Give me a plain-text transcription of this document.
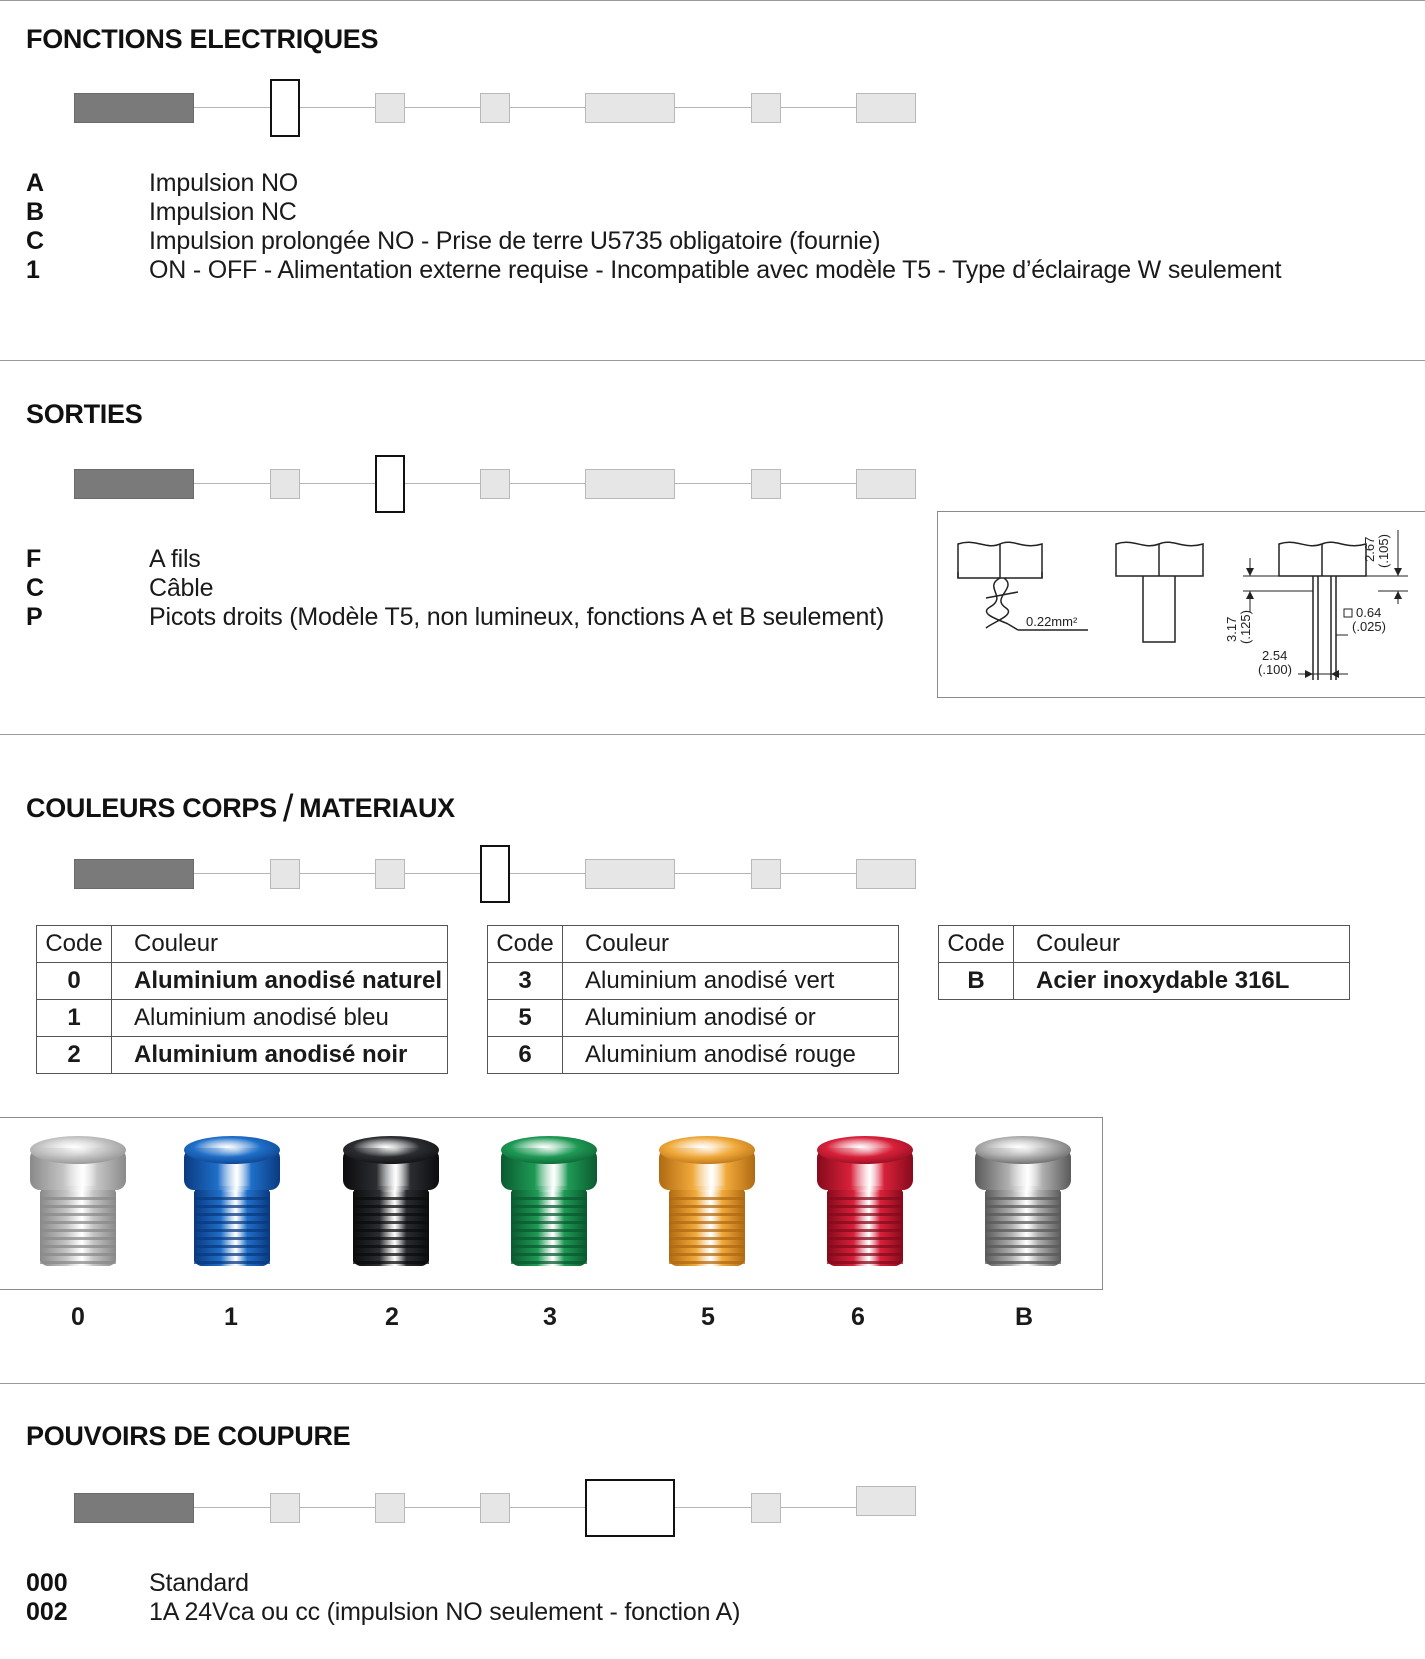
FONCTIONS ELECTRIQUES
A	Impulsion NO
B	Impulsion NC
C	Impulsion prolongée NO - Prise de terre U5735 obligatoire (fournie)
1	ON - OFF - Alimentation externe requise - Incompatible avec modèle T5 - Type d’éclairage W seulement
SORTIES
F	A fils
C	Câble
P	Picots droits (Modèle T5, non lumineux, fonctions A et B seulement)	0.22mm²
0.64
(.025)
2.54
(.100)
3.17 (.125)
2.67 (.105)
COULEURS CORPS / MATERIAUX
Code	Couleur
0	Aluminium anodisé naturel
1	Aluminium anodisé bleu
2	Aluminium anodisé noir
Code	Couleur
3	Aluminium anodisé vert
5	Aluminium anodisé or
6	Aluminium anodisé rouge
Code	Couleur
B	Acier inoxydable 316L
0	1	2	3	5	6	B
POUVOIRS DE COUPURE
000	Standard
002	1A 24Vca ou cc (impulsion NO seulement - fonction A)
